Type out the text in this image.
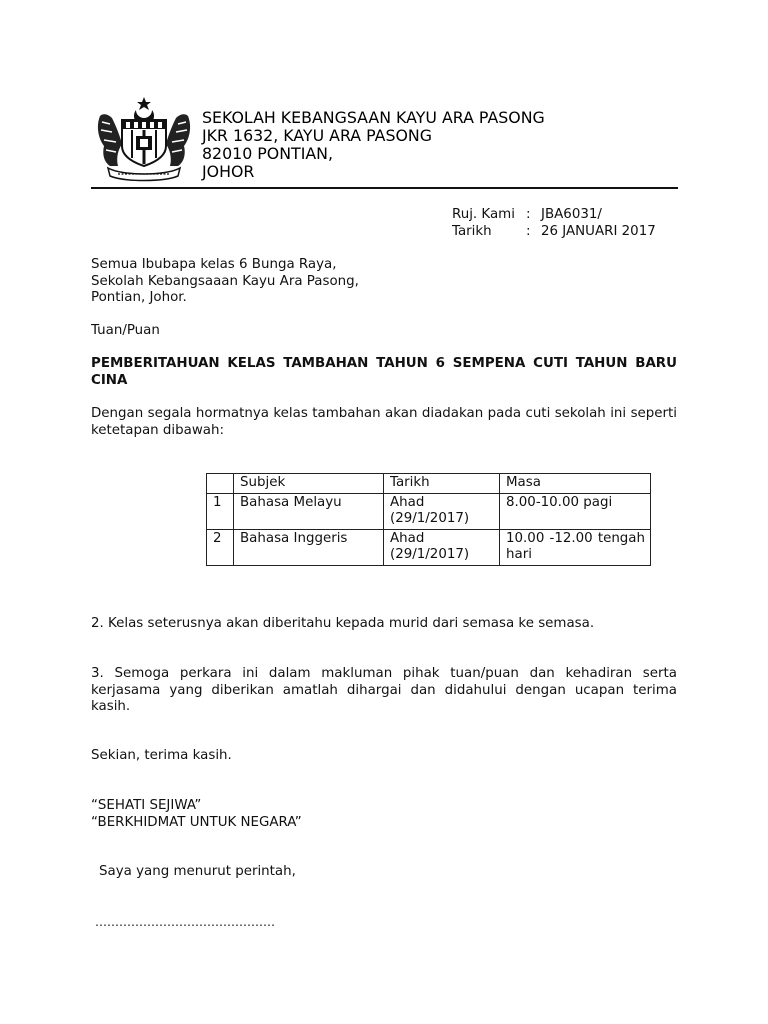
SEKOLAH KEBANGSAAN KAYU ARA PASONG
JKR 1632, KAYU ARA PASONG
82010 PONTIAN,
JOHOR
Ruj. Kami : JBA6031/
Tarikh	: 26 JANUARI 2017
Semua Ibubapa kelas 6 Bunga Raya,
Sekolah Kebangsaaan Kayu Ara Pasong,
Pontian, Johor.
Tuan/Puan
PEMBERITAHUAN KELAS TAMBAHAN TAHUN 6 SEMPENA CUTI TAHUN BARU CINA
Dengan segala hormatnya kelas tambahan akan diadakan pada cuti sekolah ini seperti ketetapan dibawah:
	Subjek	Tarikh	Masa
1	Bahasa Melayu	Ahad (29/1/2017)	8.00-10.00 pagi
2	Bahasa Inggeris	Ahad (29/1/2017)	10.00 -12.00 tengah hari
2. Kelas seterusnya akan diberitahu kepada murid dari semasa ke semasa.
3. Semoga perkara ini dalam makluman pihak tuan/puan dan kehadiran serta kerjasama yang diberikan amatlah dihargai dan didahului dengan ucapan terima kasih.
Sekian, terima kasih.
“SEHATI SEJIWA”
“BERKHIDMAT UNTUK NEGARA”
Saya yang menurut perintah,
………………………………………
